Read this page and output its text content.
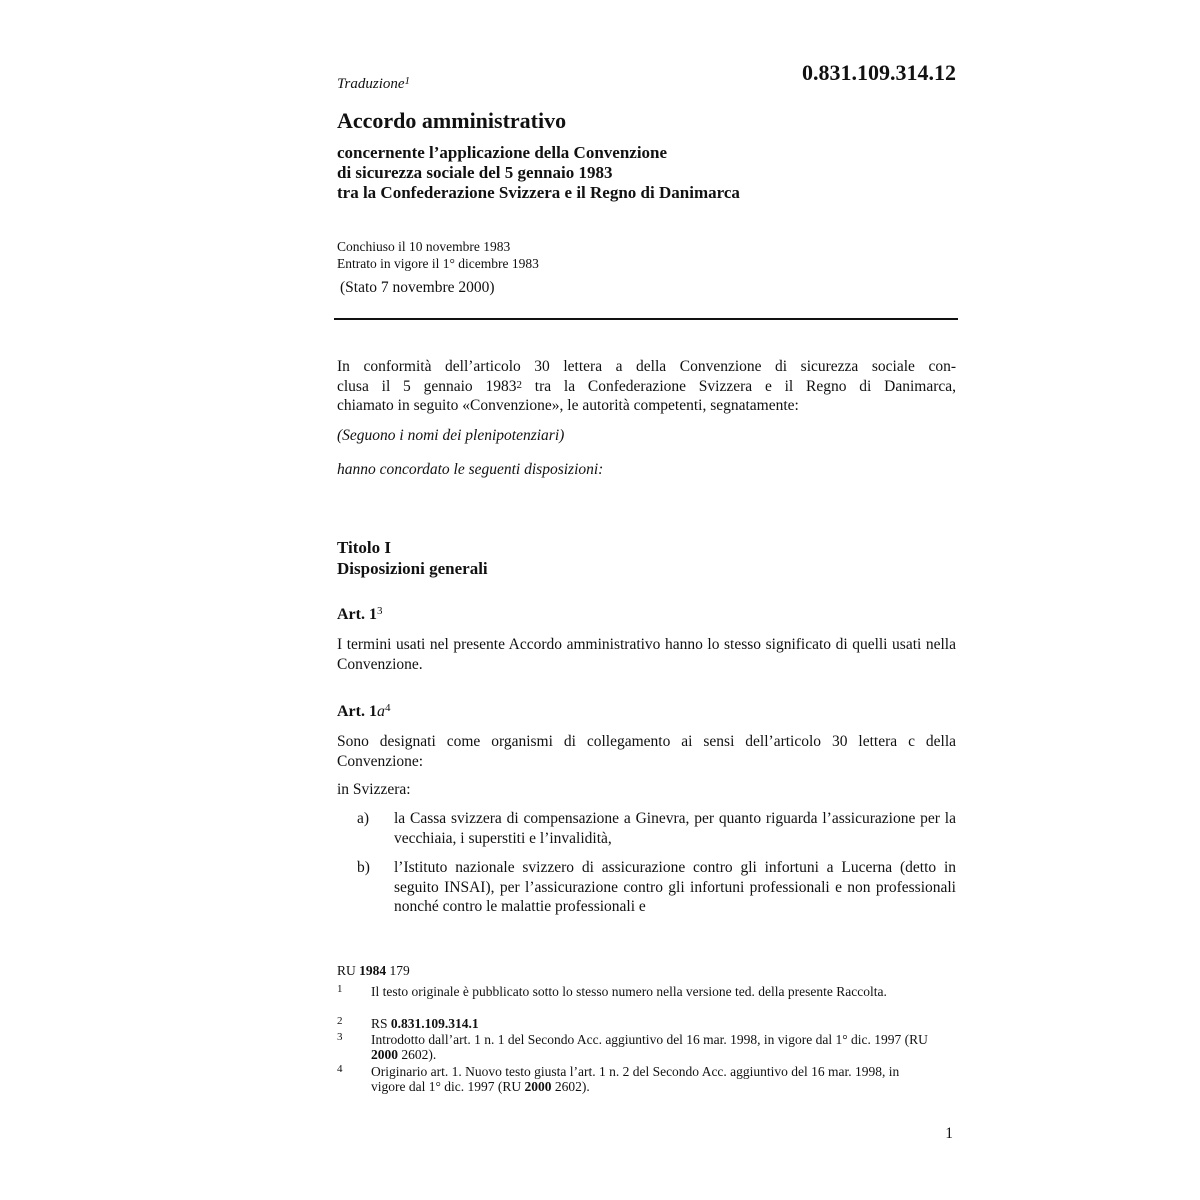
Traduzione$^1$	0.831.109.314.12
Accordo amministrativo
concernente l’applicazione della Convenzione
di sicurezza sociale del 5 gennaio 1983
tra la Confederazione Svizzera e il Regno di Danimarca
Conchiuso il 10 novembre 1983
Entrato in vigore il 1° dicembre 1983
(Stato 7 novembre 2000)
In conformità dell’articolo 30 lettera a della Convenzione di sicurezza sociale con-
clusa il 5 gennaio 1983$^2$ tra la Confederazione Svizzera e il Regno di Danimarca,
chiamato in seguito «Convenzione», le autorità competenti, segnatamente:
(Seguono i nomi dei plenipotenziari)
hanno concordato le seguenti disposizioni:
Titolo I
Disposizioni generali
Art. $1^3$
I termini usati nel presente Accordo amministrativo hanno lo stesso significato di quelli usati nella Convenzione.
Art. $1a^4$
Sono designati come organismi di collegamento ai sensi dell’articolo 30 lettera c della Convenzione:
in Svizzera:
a)	la Cassa svizzera di compensazione a Ginevra, per quanto riguarda l’assicurazione per la vecchiaia, i superstiti e l’invalidità,
b)	l’Istituto nazionale svizzero di assicurazione contro gli infortuni a Lucerna (detto in seguito INSAI), per l’assicurazione contro gli infortuni professionali e non professionali nonché contro le malattie professionali e
RU 1984 179
1 Il testo originale è pubblicato sotto lo stesso numero nella versione ted. della presente Raccolta.
2 RS 0.831.109.314.1
3 Introdotto dall’art. 1 n. 1 del Secondo Acc. aggiuntivo del 16 mar. 1998, in vigore dal 1° dic. 1997 (RU 2000 2602).
4 Originario art. 1. Nuovo testo giusta l’art. 1 n. 2 del Secondo Acc. aggiuntivo del 16 mar. 1998, in vigore dal 1° dic. 1997 (RU 2000 2602).
1
